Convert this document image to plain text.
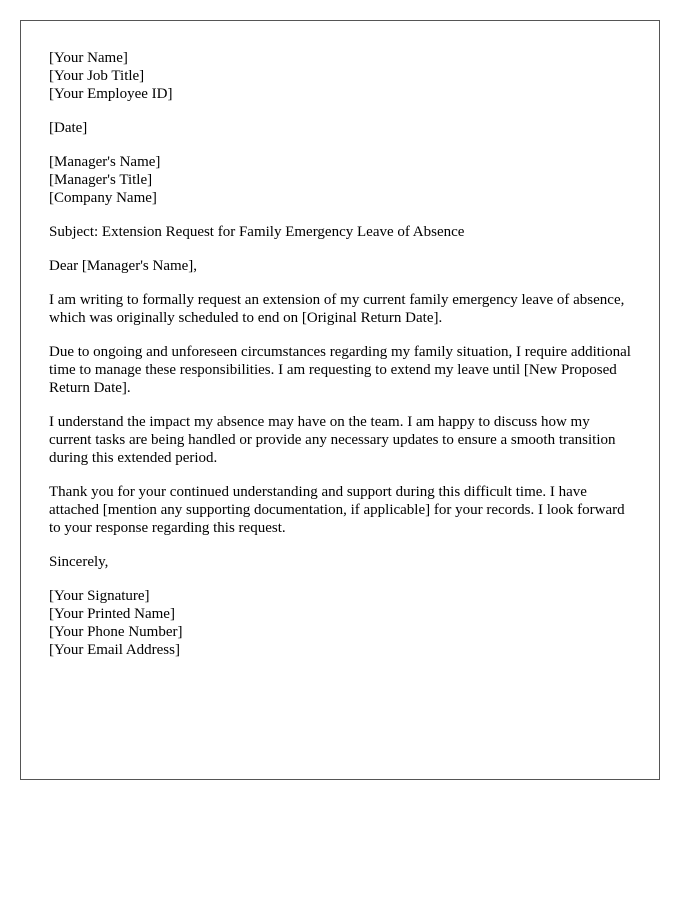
[Your Name]
[Your Job Title]
[Your Employee ID]
[Date]
[Manager's Name]
[Manager's Title]
[Company Name]
Subject: Extension Request for Family Emergency Leave of Absence
Dear [Manager's Name],

I am writing to formally request an extension of my current family emergency leave of absence, which was originally scheduled to end on [Original Return Date].

Due to ongoing and unforeseen circumstances regarding my family situation, I require additional time to manage these responsibilities. I am requesting to extend my leave until [New Proposed Return Date].

I understand the impact my absence may have on the team. I am happy to discuss how my current tasks are being handled or provide any necessary updates to ensure a smooth transition during this extended period.

Thank you for your continued understanding and support during this difficult time. I have attached [mention any supporting documentation, if applicable] for your records. I look forward to your response regarding this request.

Sincerely,
[Your Signature]
[Your Printed Name]
[Your Phone Number]
[Your Email Address]
